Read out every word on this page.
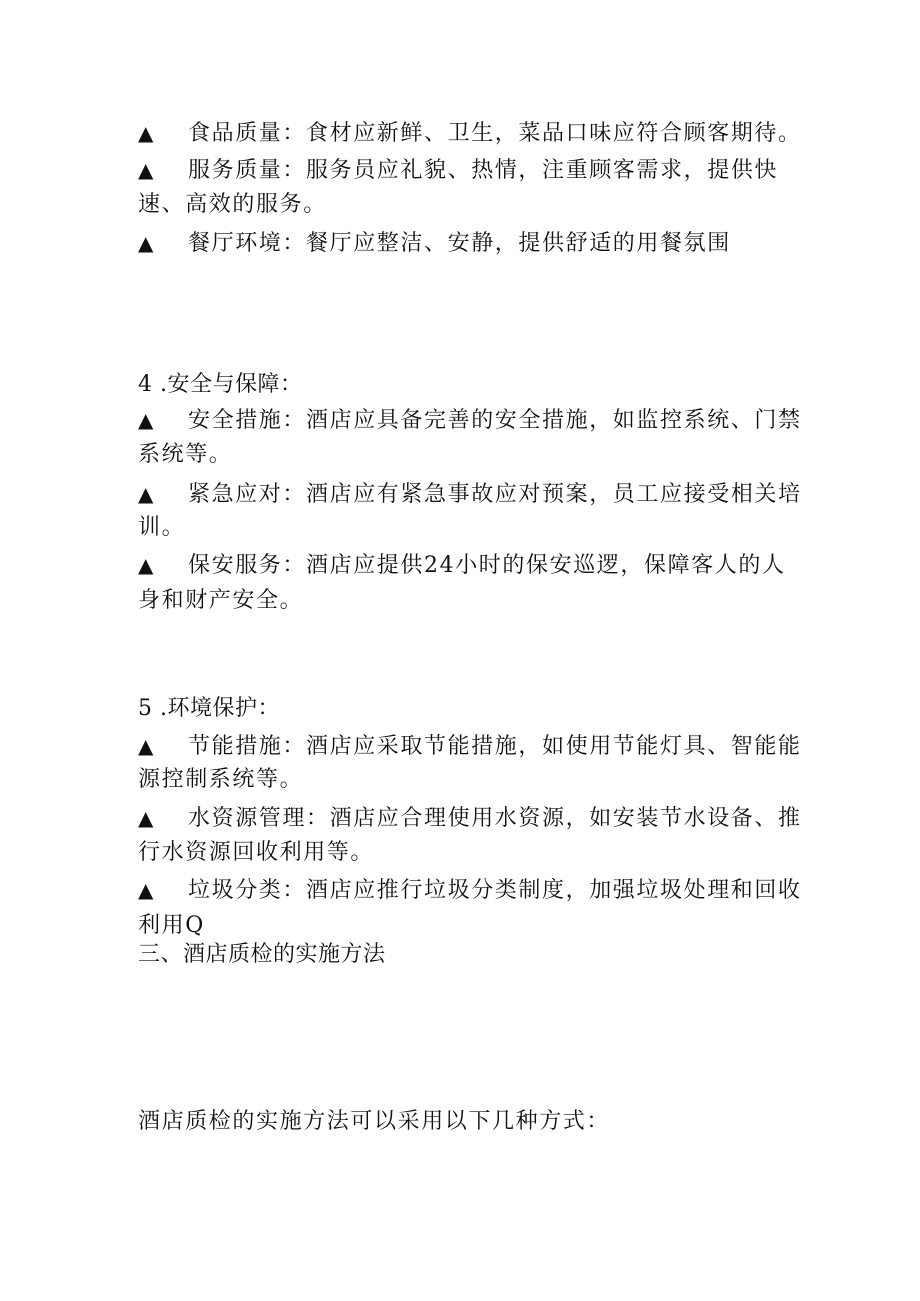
▲ 食品质量：食材应新鲜、卫生，菜品口味应符合顾客期待。
▲ 服务质量：服务员应礼貌、热情，注重顾客需求，提供快
速、高效的服务。
▲ 餐厅环境：餐厅应整洁、安静，提供舒适的用餐氛围
4 .安全与保障：
▲ 安全措施：酒店应具备完善的安全措施，如监控系统、门禁
系统等。
▲ 紧急应对：酒店应有紧急事故应对预案，员工应接受相关培
训。
▲ 保安服务：酒店应提供24小时的保安巡逻，保障客人的人
身和财产安全。
5 .环境保护：
▲ 节能措施：酒店应采取节能措施，如使用节能灯具、智能能
源控制系统等。
▲ 水资源管理：酒店应合理使用水资源，如安装节水设备、推
行水资源回收利用等。
▲ 垃圾分类：酒店应推行垃圾分类制度，加强垃圾处理和回收
利用Q
三、酒店质检的实施方法
酒店质检的实施方法可以采用以下几种方式：
